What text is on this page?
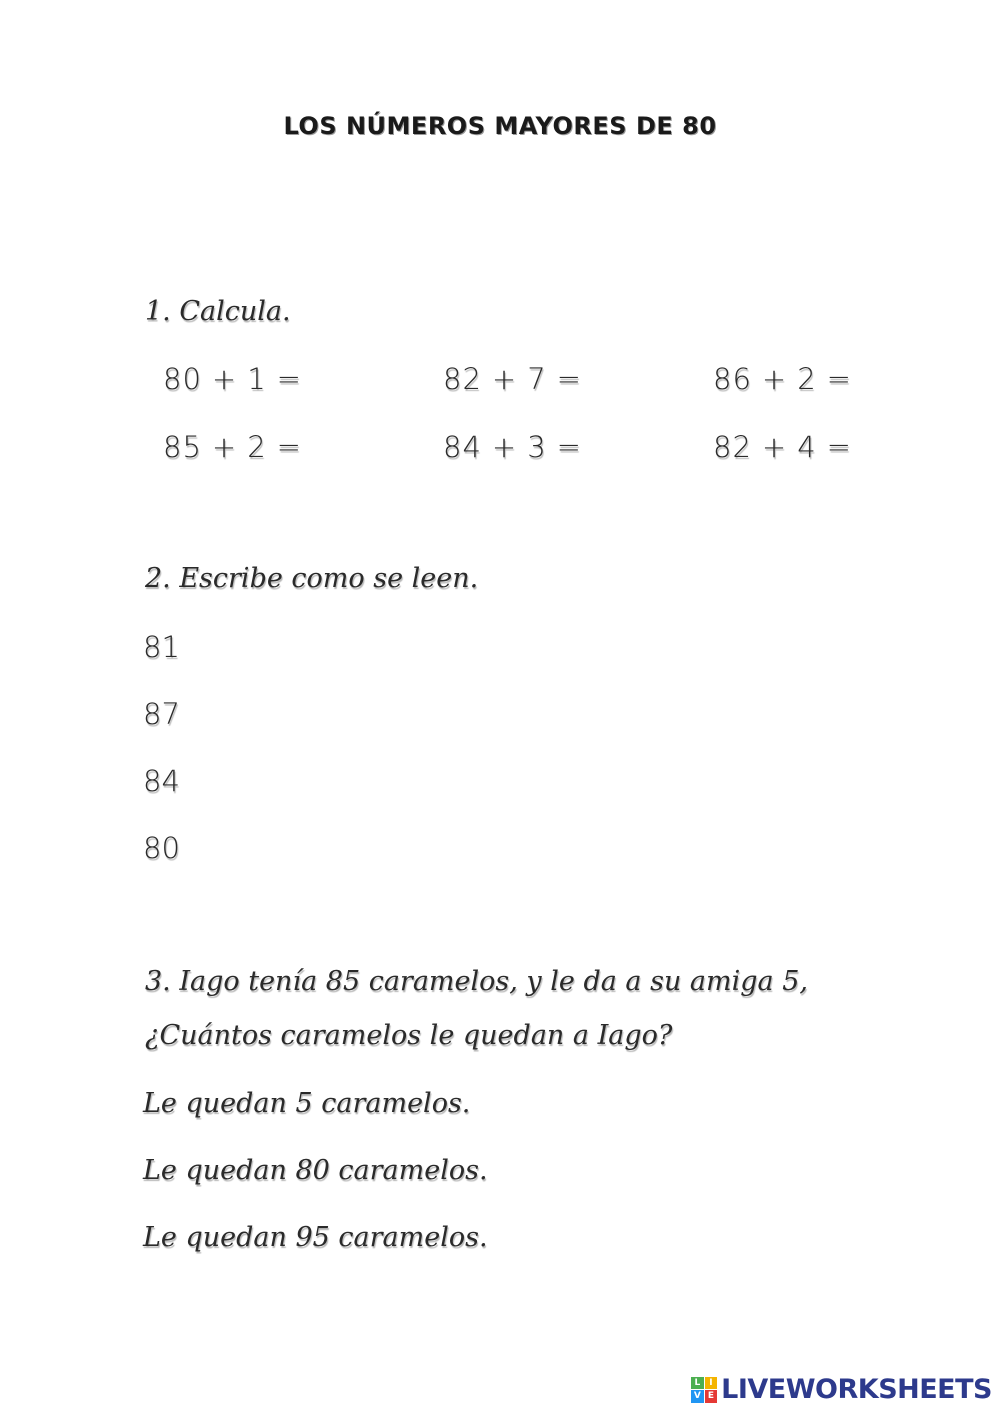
LOS NÚMEROS MAYORES DE 80
1. Calcula.
80 + 1 =	82 + 7 =	86 + 2 =
85 + 2 =	84 + 3 =	82 + 4 =
2. Escribe como se leen.
81
87
84
80
3. Iago tenía 85 caramelos, y le da a su amiga 5,
¿Cuántos caramelos le quedan a Iago?
Le quedan 5 caramelos.
Le quedan 80 caramelos.
Le quedan 95 caramelos.
L I
V E LIVEWORKSHEETS
